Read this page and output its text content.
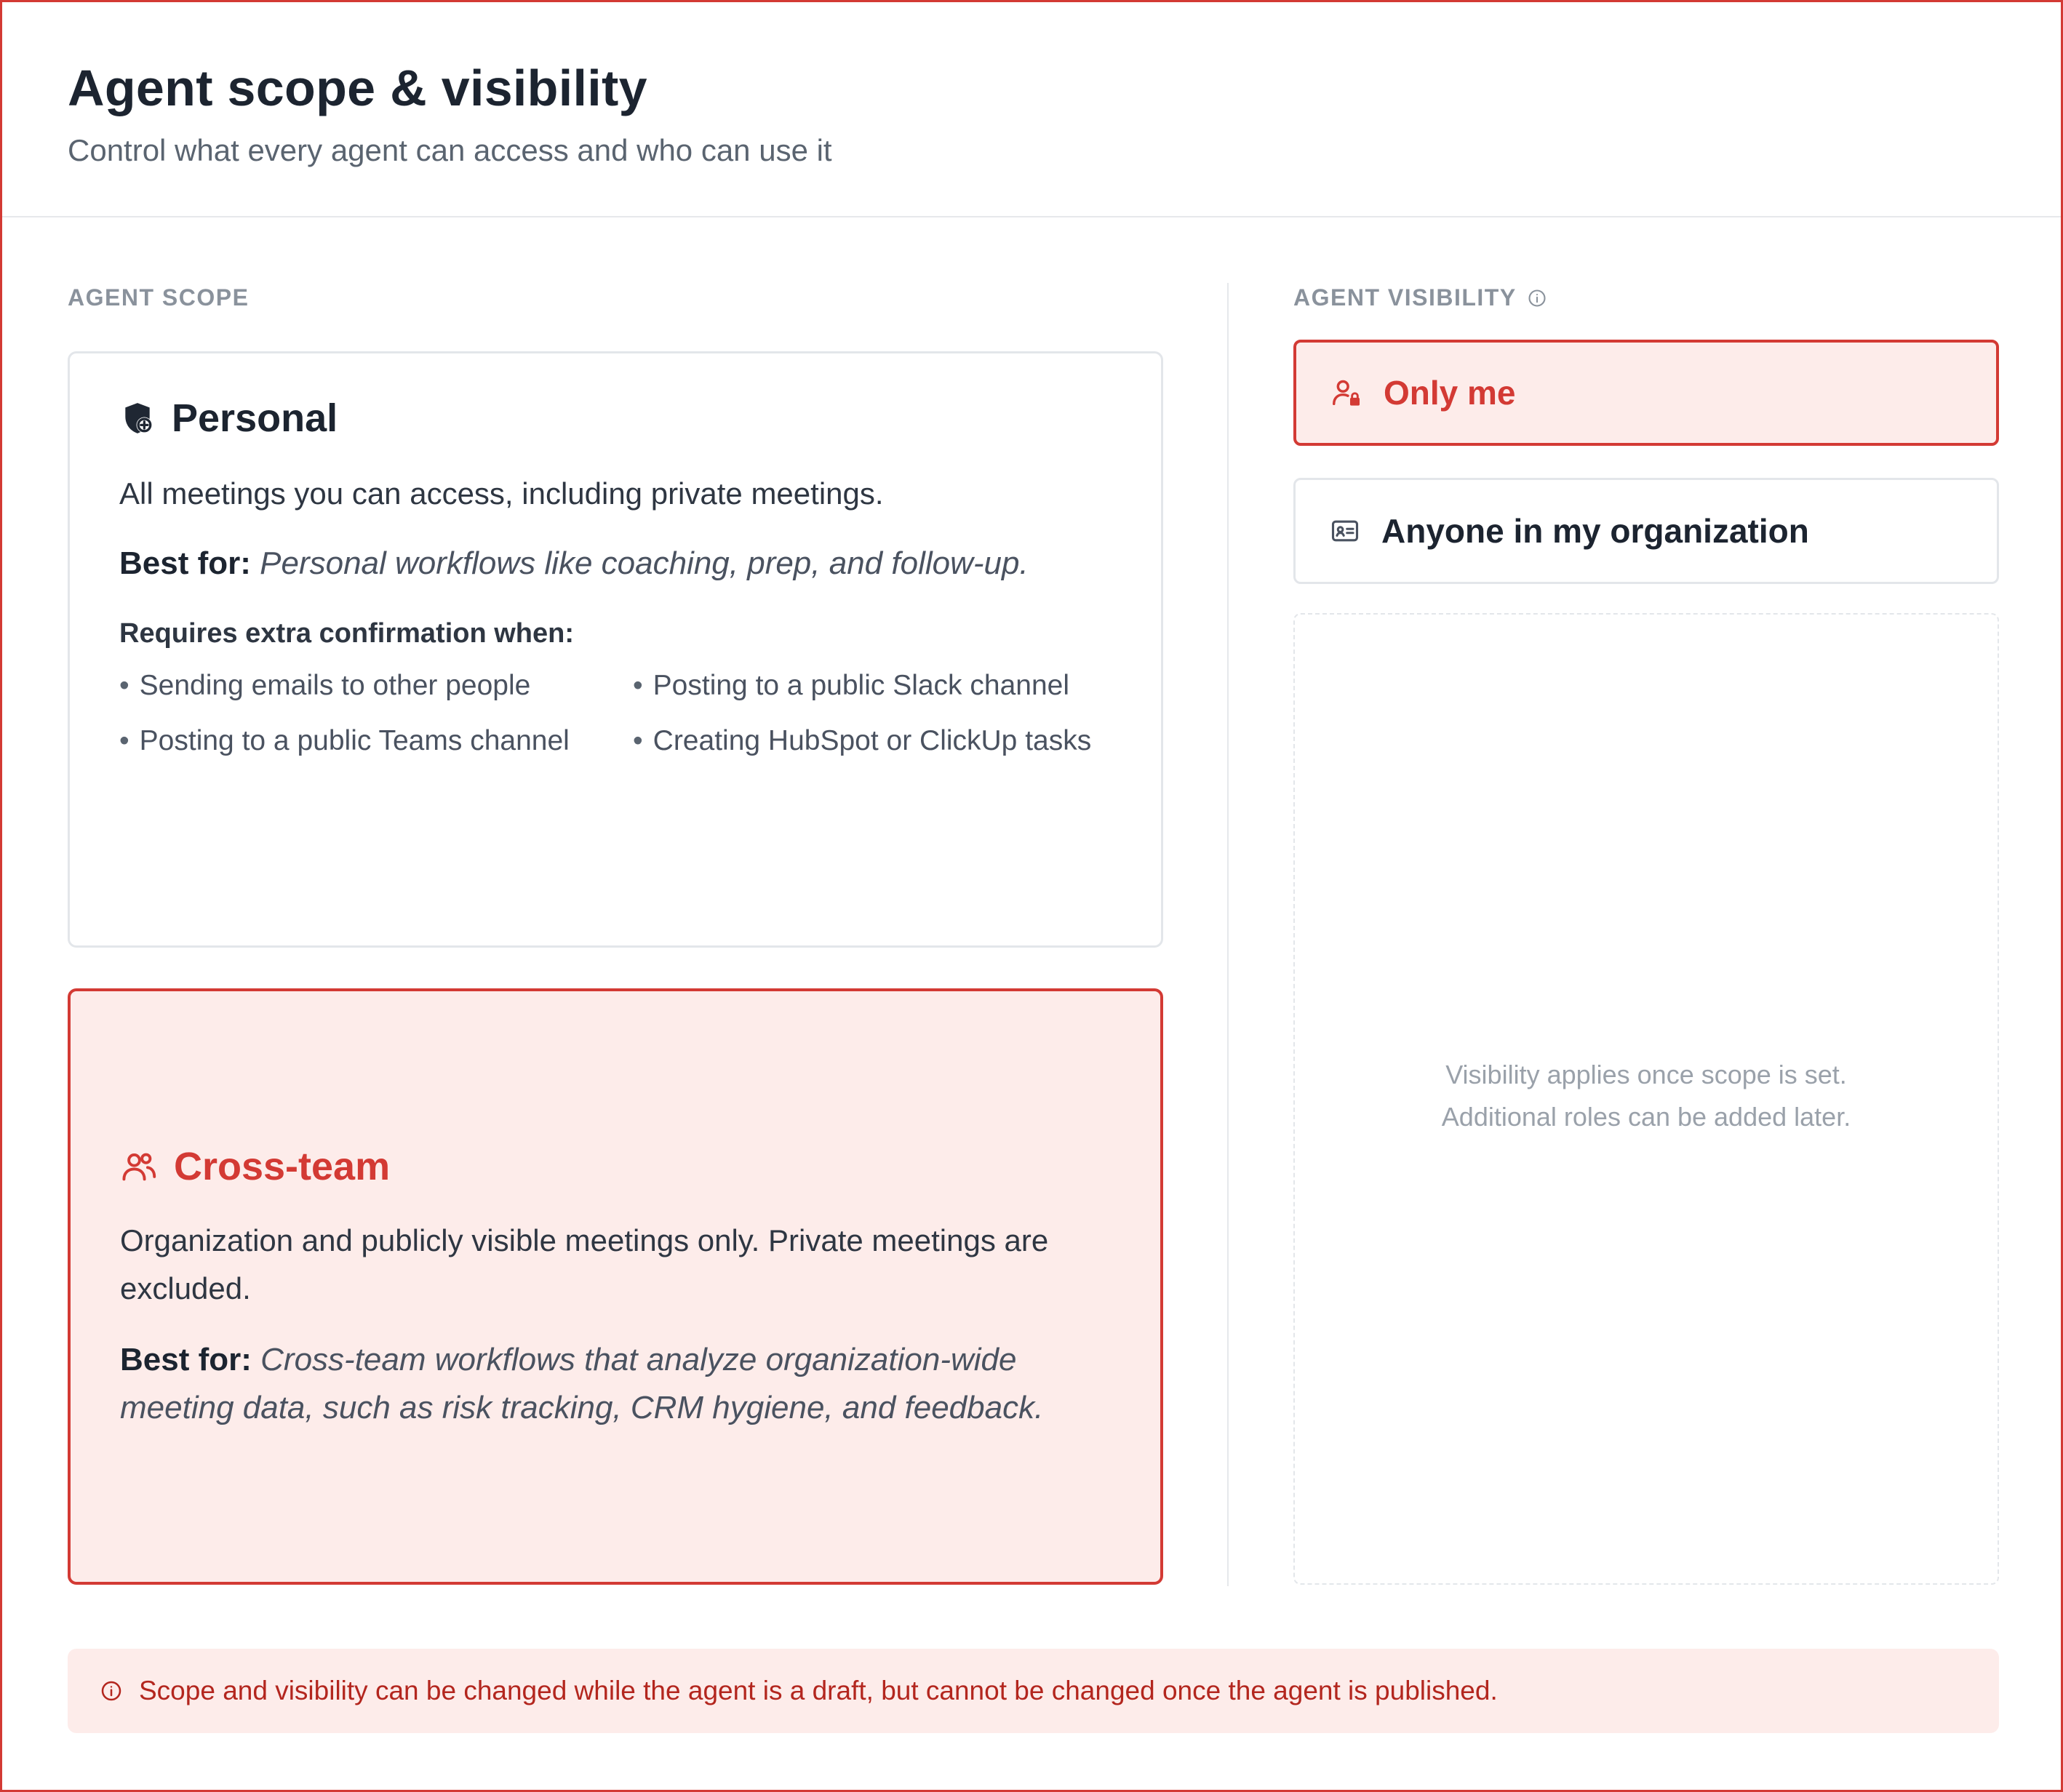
Agent scope & visibility
Control what every agent can access and who can use it
AGENT SCOPE
Personal
All meetings you can access, including private meetings.
Best for: Personal workflows like coaching, prep, and follow-up.
Requires extra confirmation when:
• Sending emails to other people	• Posting to a public Slack channel
• Posting to a public Teams channel	• Creating HubSpot or ClickUp tasks
Cross-team
Organization and publicly visible meetings only. Private meetings are excluded.
Best for: Cross-team workflows that analyze organization-wide meeting data, such as risk tracking, CRM hygiene, and feedback.
AGENT VISIBILITY
Only me
Anyone in my organization
Visibility applies once scope is set.
Additional roles can be added later.
Scope and visibility can be changed while the agent is a draft, but cannot be changed once the agent is published.
